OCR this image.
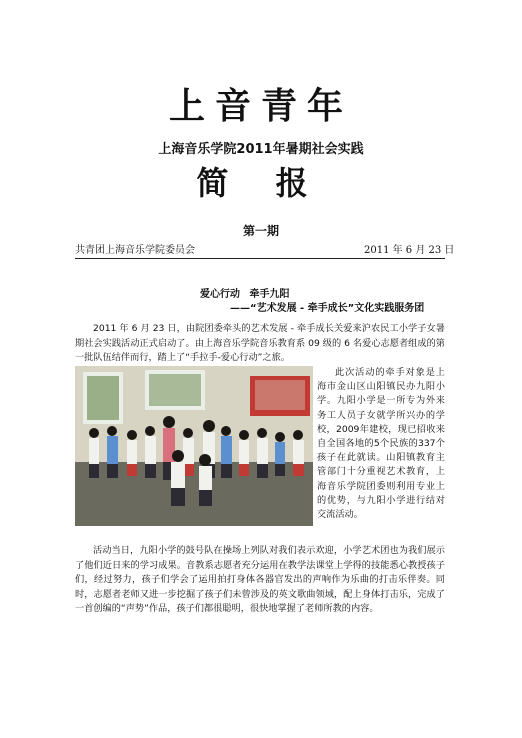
上音青年
上海音乐学院2011年暑期社会实践
简 报
第一期
共青团上海音乐学院委员会	2011 年 6 月 23 日
爱心行动 牵手九阳
——“艺术发展 - 牵手成长”文化实践服务团
2011 年 6 月 23 日，由院团委牵头的艺术发展 - 牵手成长关爱来沪农民工小学子女暑期社会实践活动正式启动了。由上海音乐学院音乐教育系 09 级的 6 名爱心志愿者组成的第一批队伍结伴而行，踏上了“手拉手-爱心行动”之旅。
此次活动的牵手对象是上海市金山区山阳镇民办九阳小学。九阳小学是一所专为外来务工人员子女就学所兴办的学校，2009年建校，现已招收来自全国各地的5个民族的337个孩子在此就读。山阳镇教育主管部门十分重视艺术教育，上海音乐学院团委则利用专业上的优势，与九阳小学进行结对交流活动。
活动当日，九阳小学的鼓号队在操场上列队对我们表示欢迎，小学艺术团也为我们展示了他们近日来的学习成果。音教系志愿者充分运用在教学法课堂上学得的技能悉心教授孩子们，经过努力，孩子们学会了运用拍打身体各器官发出的声响作为乐曲的打击乐伴奏。同时，志愿者老师又进一步挖掘了孩子们未曾涉及的英文歌曲领域，配上身体打击乐，完成了一首创编的“声势”作品，孩子们都很聪明，很快地掌握了老师所教的内容。
